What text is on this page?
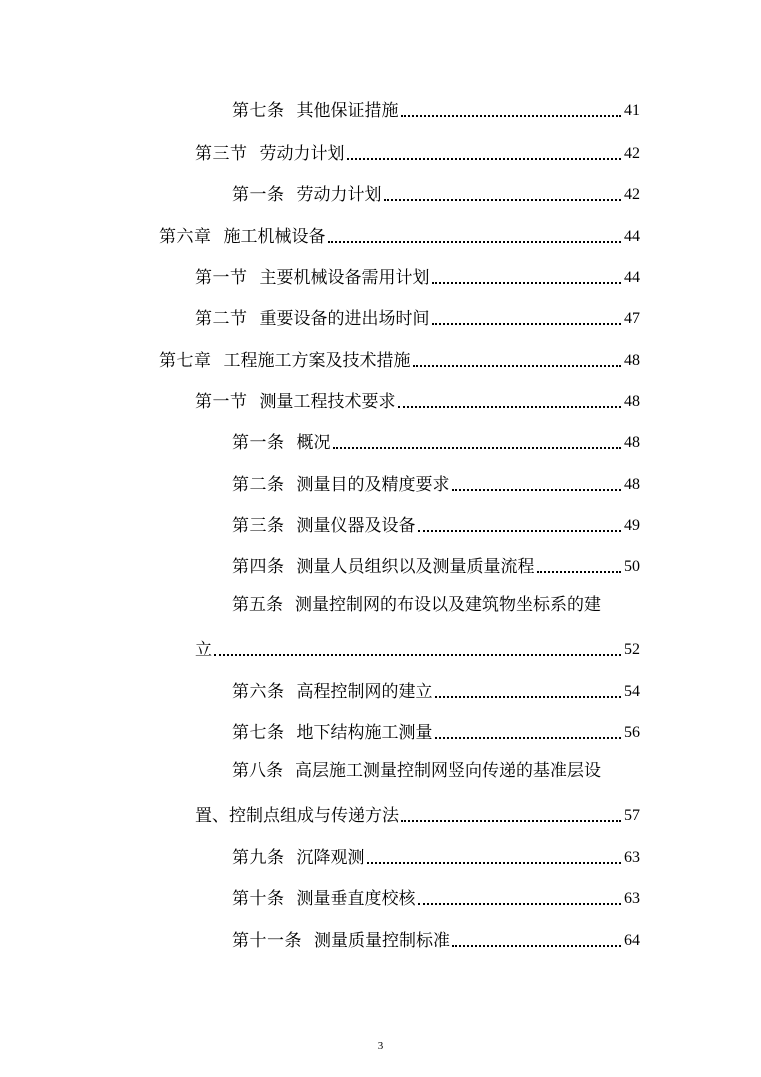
第七条 其他保证措施	41
第三节 劳动力计划	42
第一条 劳动力计划	42
第六章 施工机械设备	44
第一节 主要机械设备需用计划	44
第二节 重要设备的进出场时间	47
第七章 工程施工方案及技术措施	48
第一节 测量工程技术要求	48
第一条 概况	48
第二条 测量目的及精度要求	48
第三条 测量仪器及设备	49
第四条 测量人员组织以及测量质量流程	50
第五条 测量控制网的布设以及建筑物坐标系的建
立	52
第六条 高程控制网的建立	54
第七条 地下结构施工测量	56
第八条 高层施工测量控制网竖向传递的基准层设
置、控制点组成与传递方法	57
第九条 沉降观测	63
第十条 测量垂直度校核	63
第十一条 测量质量控制标准	64
3
